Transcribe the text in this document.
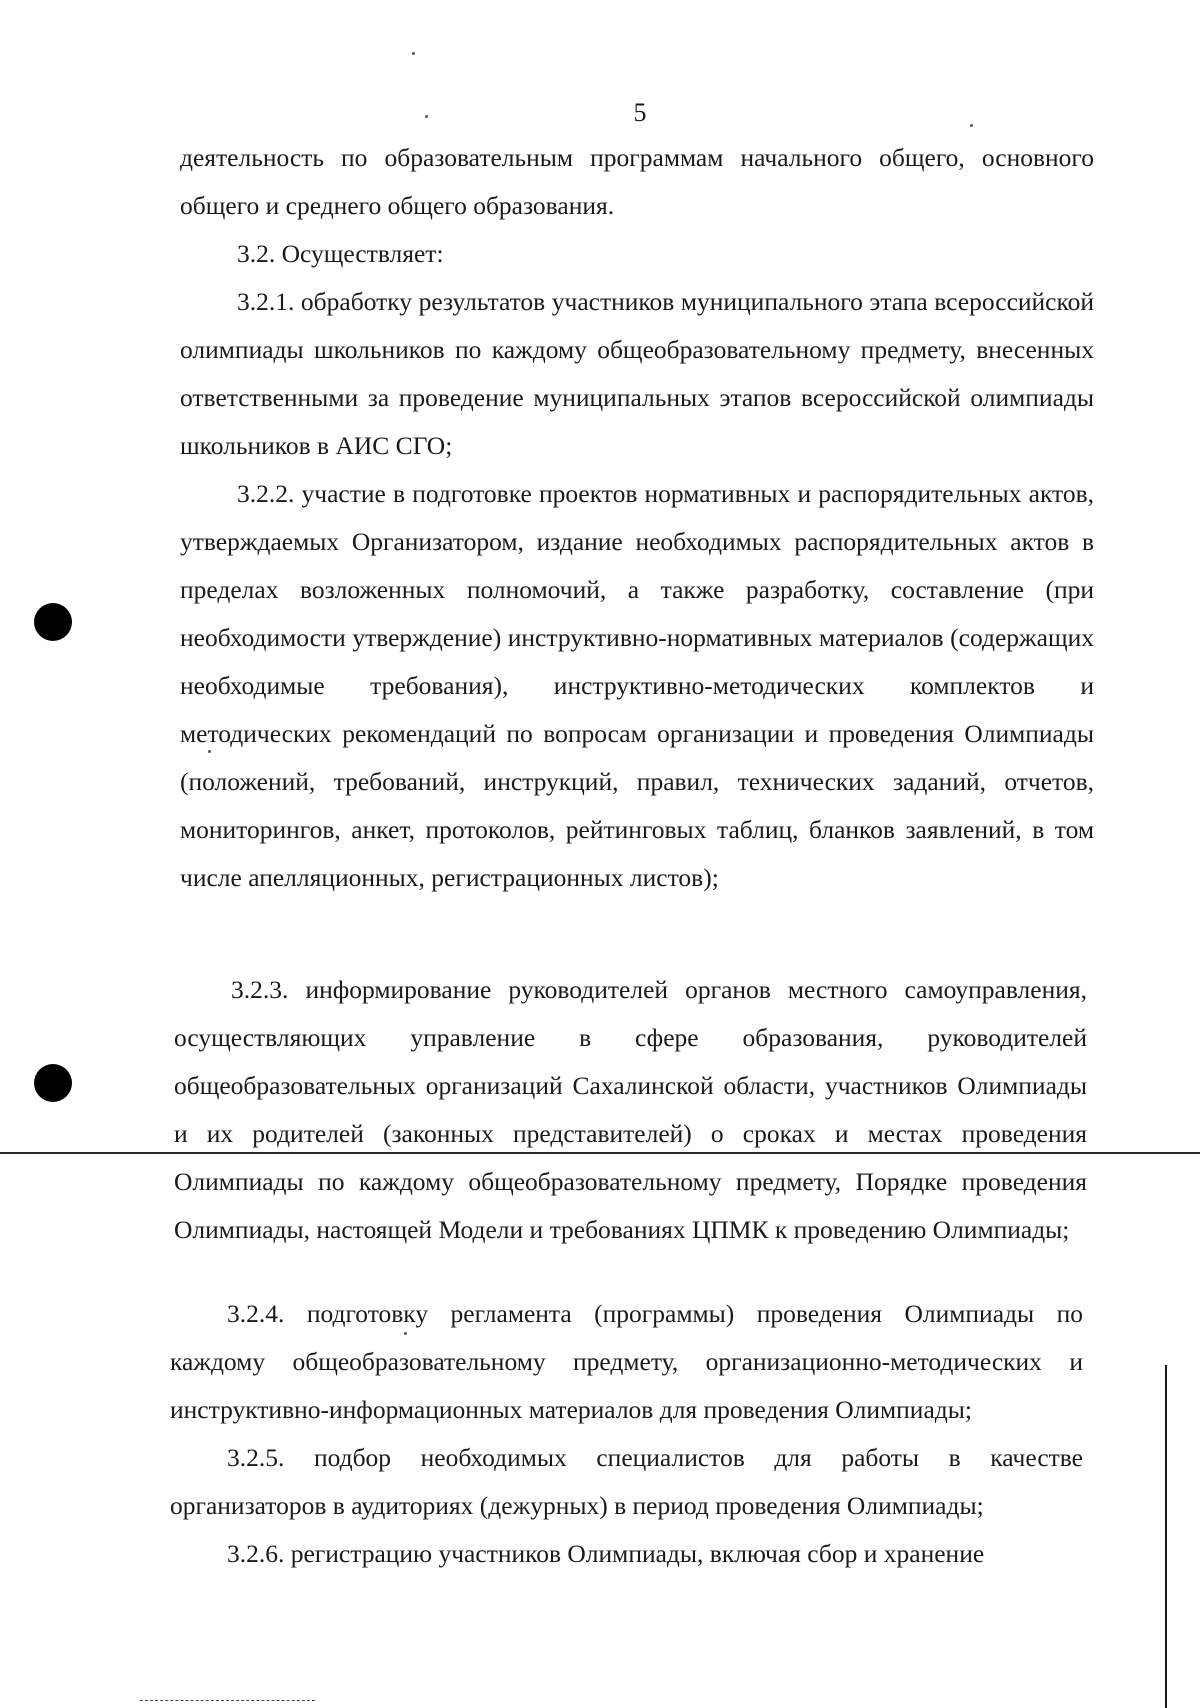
5

деятельность по образовательным программам начального общего, основного общего и среднего общего образования.

3.2. Осуществляет:

3.2.1. обработку результатов участников муниципального этапа всероссийской олимпиады школьников по каждому общеобразовательному предмету, внесенных ответственными за проведение муниципальных этапов всероссийской олимпиады школьников в АИС СГО;

3.2.2. участие в подготовке проектов нормативных и распорядительных актов, утверждаемых Организатором, издание необходимых распорядительных актов в пределах возложенных полномочий, а также разработку, составление (при необходимости утверждение) инструктивно-нормативных материалов (содержащих необходимые требования), инструктивно-методических комплектов и методических рекомендаций по вопросам организации и проведения Олимпиады (положений, требований, инструкций, правил, технических заданий, отчетов, мониторингов, анкет, протоколов, рейтинговых таблиц, бланков заявлений, в том числе апелляционных, регистрационных листов);

3.2.3. информирование руководителей органов местного самоуправления, осуществляющих управление в сфере образования, руководителей общеобразовательных организаций Сахалинской области, участников Олимпиады и их родителей (законных представителей) о сроках и местах проведения Олимпиады по каждому общеобразовательному предмету, Порядке проведения Олимпиады, настоящей Модели и требованиях ЦПМК к проведению Олимпиады;

3.2.4. подготовку регламента (программы) проведения Олимпиады по каждому общеобразовательному предмету, организационно-методических и инструктивно-информационных материалов для проведения Олимпиады;

3.2.5. подбор необходимых специалистов для работы в качестве организаторов в аудиториях (дежурных) в период проведения Олимпиады;

3.2.6. регистрацию участников Олимпиады, включая сбор и хранение
